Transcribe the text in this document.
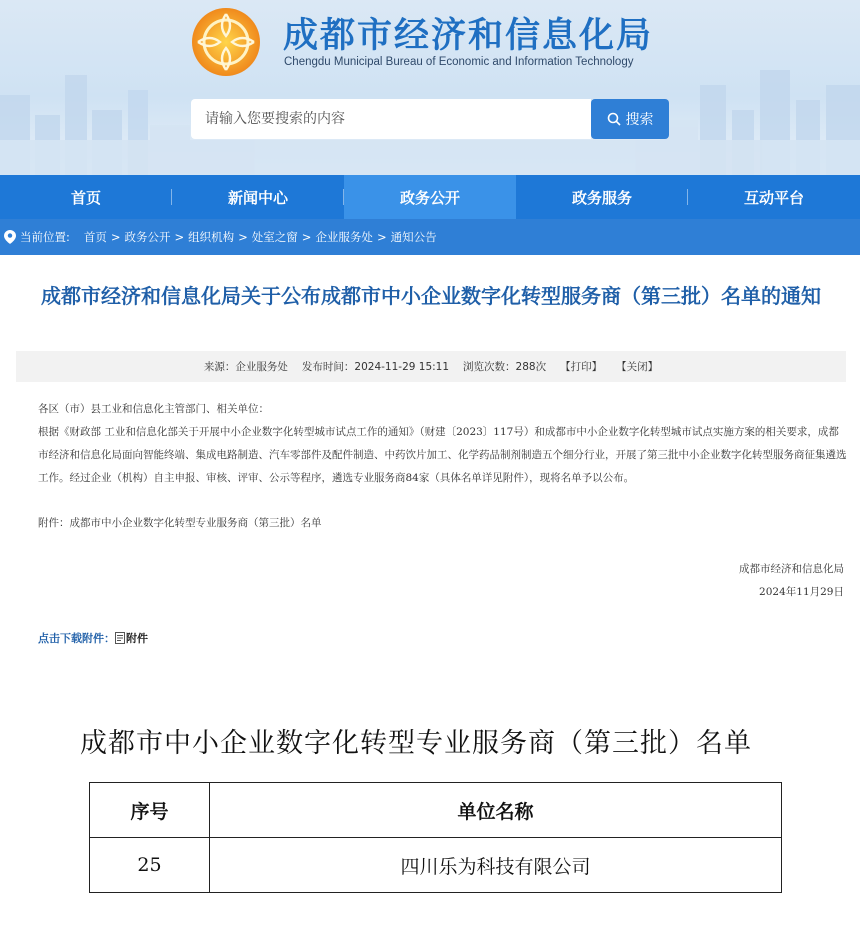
成都市经济和信息化局
Chengdu Municipal Bureau of Economic and Information Technology
请输入您要搜索的内容
搜索
首页	新闻中心	政务公开	政务服务	互动平台
当前位置: 首页 > 政务公开 > 组织机构 > 处室之窗 > 企业服务处 > 通知公告
成都市经济和信息化局关于公布成都市中小企业数字化转型服务商（第三批）名单的通知
来源：企业服务处 发布时间：2024-11-29 15:11 浏览次数：288次 【打印】 【关闭】
各区（市）县工业和信息化主管部门、相关单位：
根据《财政部 工业和信息化部关于开展中小企业数字化转型城市试点工作的通知》（财建〔2023〕117号）和成都市中小企业数字化转型城市试点实施方案的相关要求，成都市经济和信息化局面向智能终端、集成电路制造、汽车零部件及配件制造、中药饮片加工、化学药品制剂制造五个细分行业，开展了第三批中小企业数字化转型服务商征集遴选工作。经过企业（机构）自主申报、审核、评审、公示等程序，遴选专业服务商84家（具体名单详见附件），现将名单予以公布。
附件：成都市中小企业数字化转型专业服务商（第三批）名单
成都市经济和信息化局
2024年11月29日
点击下载附件： 附件
成都市中小企业数字化转型专业服务商（第三批）名单
序号	单位名称
25	四川乐为科技有限公司
